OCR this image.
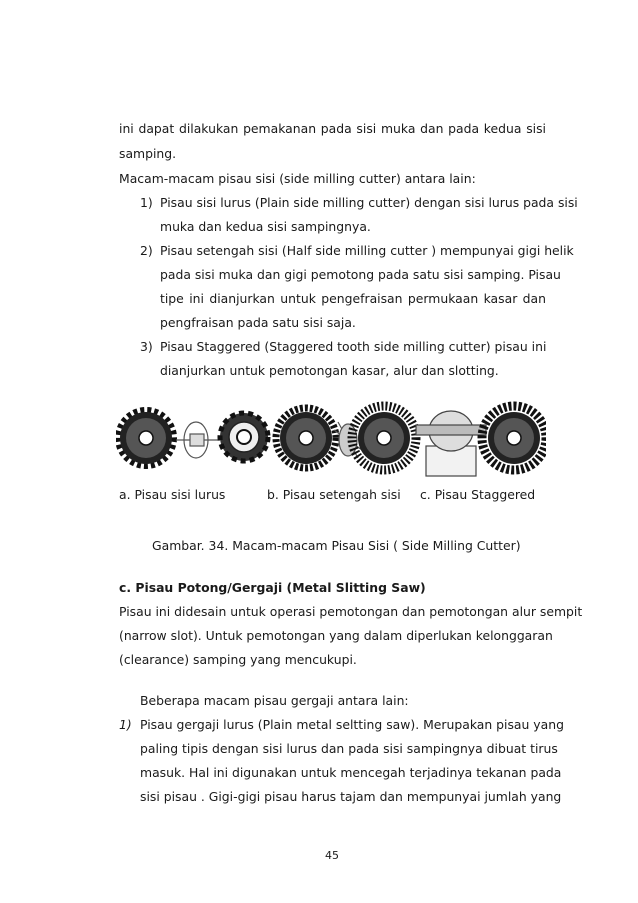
ini dapat dilakukan pemakanan pada sisi muka dan pada kedua sisi
samping.
Macam-macam pisau sisi (side milling cutter) antara lain:
1) Pisau sisi lurus (Plain side milling cutter) dengan sisi lurus pada sisi
muka dan kedua sisi sampingnya.
2) Pisau setengah sisi (Half side milling cutter ) mempunyai gigi helik
pada sisi muka dan gigi pemotong pada satu sisi samping. Pisau
tipe ini dianjurkan untuk pengefraisan permukaan kasar dan
pengfraisan pada satu sisi saja.
3) Pisau Staggered (Staggered tooth side milling cutter) pisau ini
dianjurkan untuk pemotongan kasar, alur dan slotting.
a. Pisau sisi lurus	b. Pisau setengah sisi c. Pisau Staggered
Gambar. 34. Macam-macam Pisau Sisi ( Side Milling Cutter)
c. Pisau Potong/Gergaji (Metal Slitting Saw)
Pisau ini didesain untuk operasi pemotongan dan pemotongan alur sempit
(narrow slot). Untuk pemotongan yang dalam diperlukan kelonggaran
(clearance) samping yang mencukupi.
Beberapa macam pisau gergaji antara lain:
1) Pisau gergaji lurus (Plain metal seltting saw). Merupakan pisau yang
paling tipis dengan sisi lurus dan pada sisi sampingnya dibuat tirus
masuk. Hal ini digunakan untuk mencegah terjadinya tekanan pada
sisi pisau . Gigi-gigi pisau harus tajam dan mempunyai jumlah yang
45
